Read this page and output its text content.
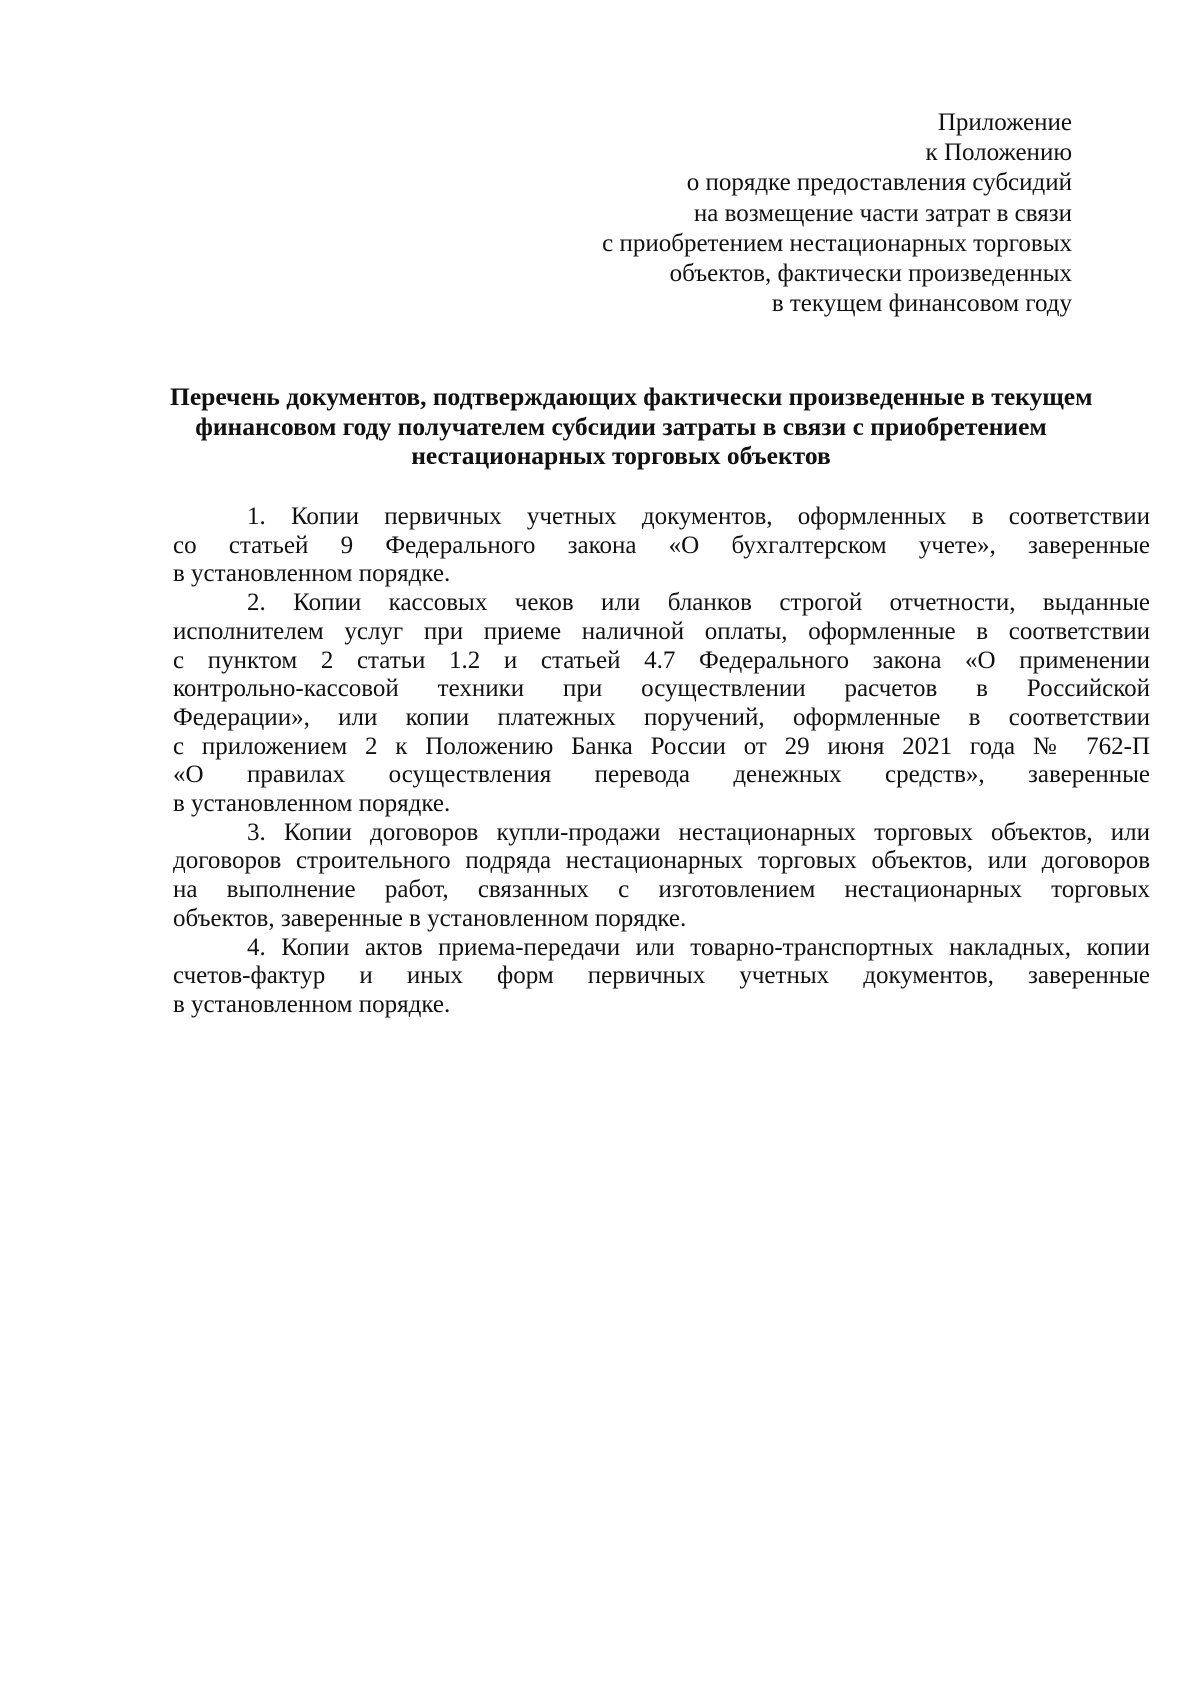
Приложение
к Положению
о порядке предоставления субсидий
на возмещение части затрат в связи
с приобретением нестационарных торговых
объектов, фактически произведенных
в текущем финансовом году
Перечень документов, подтверждающих фактически произведенные в текущем
финансовом году получателем субсидии затраты в связи с приобретением
нестационарных торговых объектов
1. Копии первичных учетных документов, оформленных в соответствии
со статьей 9 Федерального закона «О бухгалтерском учете», заверенные
в установленном порядке.
2. Копии кассовых чеков или бланков строгой отчетности, выданные
исполнителем услуг при приеме наличной оплаты, оформленные в соответствии
с пунктом 2 статьи 1.2 и статьей 4.7 Федерального закона «О применении
контрольно-кассовой техники при осуществлении расчетов в Российской
Федерации», или копии платежных поручений, оформленные в соответствии
с приложением 2 к Положению Банка России от 29 июня 2021 года № 762-П
«О правилах осуществления перевода денежных средств», заверенные
в установленном порядке.
3. Копии договоров купли-продажи нестационарных торговых объектов, или
договоров строительного подряда нестационарных торговых объектов, или договоров
на выполнение работ, связанных с изготовлением нестационарных торговых
объектов, заверенные в установленном порядке.
4. Копии актов приема-передачи или товарно-транспортных накладных, копии
счетов-фактур и иных форм первичных учетных документов, заверенные
в установленном порядке.
